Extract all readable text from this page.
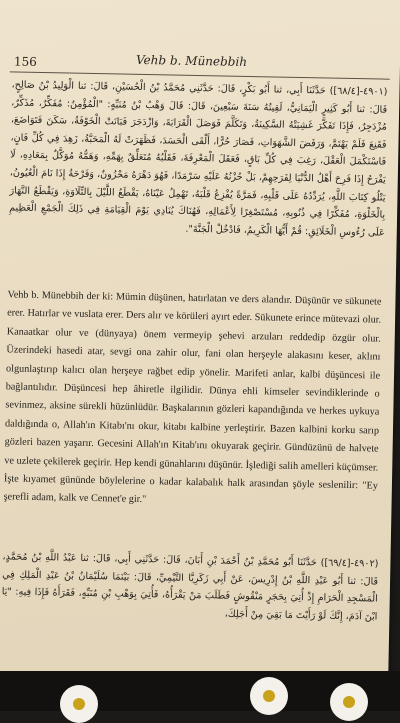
156	Vehb b. Münebbih
(٤٩٠١-[٦٨/٤]) حَدَّثَنَا أَبِي، ثنا أَبُو بَكْرٍ، قَالَ: حَدَّثَنِي مُحَمَّدُ بْنُ الْحُسَيْنِ، قَالَ: ثنا الْوَلِيدُ بْنُ صَالِحٍ، قَالَ: ثنا أَبُو كَثِيرٍ الْيَمَانِيُّ، لَقِيتُهُ سَنَةَ سَبْعِينَ، قَالَ: قَالَ وَهْبُ بْنُ مُنَبِّهٍ: "الْمُؤْمِنُ: مُفَكِّرٌ، مُذَكِّرٌ، مُزْدَجِرٌ، فَإِذَا تَفَكَّرَ غَشِيَتْهُ السَّكِينَةُ، وَتَكَلَّمَ فَوَصَلَ الْقَرَابَةَ، وَازْدَجَرَ فَبَانَتْ الْخَوْفَةُ، سَكَنَ فَتَوَاضَعَ، فَقَنِعَ فَلَمْ يَهْتَمَّ، وَرَفَضَ الشَّهَوَاتِ، فَصَارَ حُرًّا، أَلْقَى الْحَسَدَ، فَظَهَرَتْ لَهُ الْمَحَبَّةُ، زَهِدَ فِي كُلِّ فَانٍ، فَاسْتَكْمَلَ الْعَقْلَ، رَغِبَ فِي كُلِّ بَاقٍ، فَعَقَلَ الْمَعْرِفَةَ، فَقَلْبُهُ مُتَعَلِّقٌ بِهَمِّهِ، وَهَمُّهُ مُوَكَّلٌ بِمَعَادِهِ، لَا يَفْرَحُ إِذَا فَرِحَ أَهْلُ الدُّنْيَا لِفَرَحِهِمْ، بَلْ حُزْنُهُ عَلَيْهِ سَرْمَدًا، فَهُوَ دَهْرَهُ مَحْزُونٌ، وَفَرْحَةُ إِذَا نَامَ الْعُيُونُ، يَتْلُو كِتَابَ اللَّهِ، يُرَدِّدُهُ عَلَى قَلْبِهِ، فَمَرَّةً يُفْزِعُ قَلْبَهُ، تَهْمِلُ عَيْنَاهُ، يَقْطَعُ اللَّيْلَ بِالتِّلَاوَةِ، وَيَقْطَعُ النَّهَارَ بِالْخَلْوَةِ، مُفَكِّرًا فِي ذُنُوبِهِ، مُسْتَصْغِرًا لِأَعْمَالِهِ، فَهُنَاكَ يُنَادِي يَوْمَ الْقِيَامَةِ فِي ذَلِكَ الْجَمْعِ الْعَظِيمِ عَلَى رُءُوسِ الْخَلَائِقِ: قُمْ أَيُّهَا الْكَرِيمُ، فَادْخُلْ الْجَنَّةَ".

Vehb b. Münebbih der ki: Mümin düşünen, hatırlatan ve ders alandır. Düşünür ve sükunete erer. Hatırlar ve vuslata erer. Ders alır ve körüleri ayırt eder. Sükunete erince mütevazi olur. Kanaatkar olur ve (dünyaya) önem vermeyip şehevi arzuları reddedip özgür olur. Üzerindeki hasedi atar, sevgi ona zahir olur, fani olan herşeyle alakasını keser, aklını olgunlaştırıp kalıcı olan herşeye rağbet edip yönelir. Marifeti anlar, kalbi düşüncesi ile bağlantılıdır. Düşüncesi hep âhiretle ilgilidir. Dünya ehli kimseler sevindiklerinde o sevinmez, aksine sürekli hüzünlüdür. Başkalarının gözleri kapandığında ve herkes uykuya daldığında o, Allah'ın Kitabı'nı okur, kitabı kalbine yerleştirir. Bazen kalbini korku sarıp gözleri bazen yaşarır. Gecesini Allah'ın Kitab'ını okuyarak geçirir. Gündüzünü de halvete ve uzlete çekilerek geçirir. Hep kendi günahlarını düşünür. İşlediği salih amelleri küçümser. İşte kıyamet gününde böylelerine o kadar kalabalık halk arasından şöyle seslenilir: "Ey şerefli adam, kalk ve Cennet'e gir."

(٤٩٠٢-[٦٩/٤]) حَدَّثَنَا أَبُو مُحَمَّدِ بْنُ أَحْمَدَ بْنِ أَبَانَ، قَالَ: حَدَّثَنِي أَبِي، قَالَ: ثنا عَبْدُ اللَّهِ بْنُ مُحَمَّدٍ، قَالَ: ثنا أَبُو عَبْدِ اللَّهِ بْنُ إِدْرِيسَ، عَنْ أَبِي زَكَرِيَّا التَّيْمِيِّ، قَالَ: بَيْنَمَا سُلَيْمَانُ بْنُ عَبْدِ الْمَلِكِ فِي الْمَسْجِدِ الْحَرَامِ إِذْ أُتِيَ بِحَجَرٍ مَنْقُوشٍ فَطَلَبَ مَنْ يَقْرَأُهُ، فَأُتِيَ بِوَهْبِ بْنِ مُنَبِّهٍ، فَقَرَأَهُ فَإِذَا فِيهِ: "يَا ابْنَ آدَمَ، إِنَّكَ لَوْ رَأَيْتَ مَا بَقِيَ مِنْ أَجَلِكَ،
